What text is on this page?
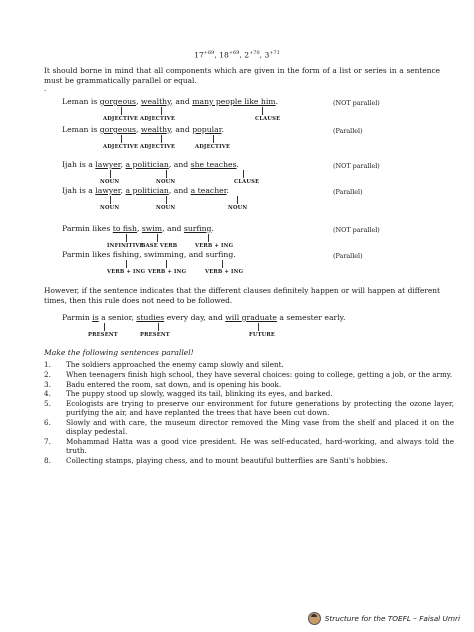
$17^{+69}$, $18^{+69}$, $2^{+70}$, $3^{+71}$
It should borne in mind that all components which are given in the form of a list or series in a sentence must be grammatically parallel or equal.
.
Leman is gorgeous, wealthy, and many people like him.	(NOT parallel)
ADJECTIVE ADJECTIVE	CLAUSE
Leman is gorgeous, wealthy, and popular.	(Parallel)
ADJECTIVE ADJECTIVE	ADJECTIVE
Ijah is a lawyer, a politician, and she teaches.	(NOT parallel)
NOUN	NOUN	CLAUSE
Ijah is a lawyer, a politician, and a teacher.	(Parallel)
NOUN	NOUN	NOUN
Parmin likes to fish, swim, and surfing.	(NOT parallel)
INFINITIVE
BASE VERB	VERB + ING
Parmin likes fishing, swimming, and surfing.	(Parallel)
VERB + ING VERB + ING	VERB + ING
However, if the sentence indicates that the different clauses definitely happen or will happen at different times, then this rule does not need to be followed.
Parmin is a senior, studies every day, and will graduate a semester early.
PRESENT	PRESENT	FUTURE
Make the following sentences parallel!
1.	The soldiers approached the enemy camp slowly and silent.
2.	When teenagers finish high school, they have several choices: going to college, getting a job, or the army.
3.	Badu entered the room, sat down, and is opening his book.
4.	The puppy stood up slowly, wagged its tail, blinking its eyes, and barked.
5.	Ecologists are trying to preserve our environment for future generations by protecting the ozone layer, purifying the air, and have replanted the trees that have been cut down.
6.	Slowly and with care, the museum director removed the Ming vase from the shelf and placed it on the display pedestal.
7.	Mohammad Hatta was a good vice president. He was self-educated, hard-working, and always told the truth.
8.	Collecting stamps, playing chess, and to mount beautiful butterflies are Santi's hobbies.
Structure for the TOEFL – Faisal Umri
